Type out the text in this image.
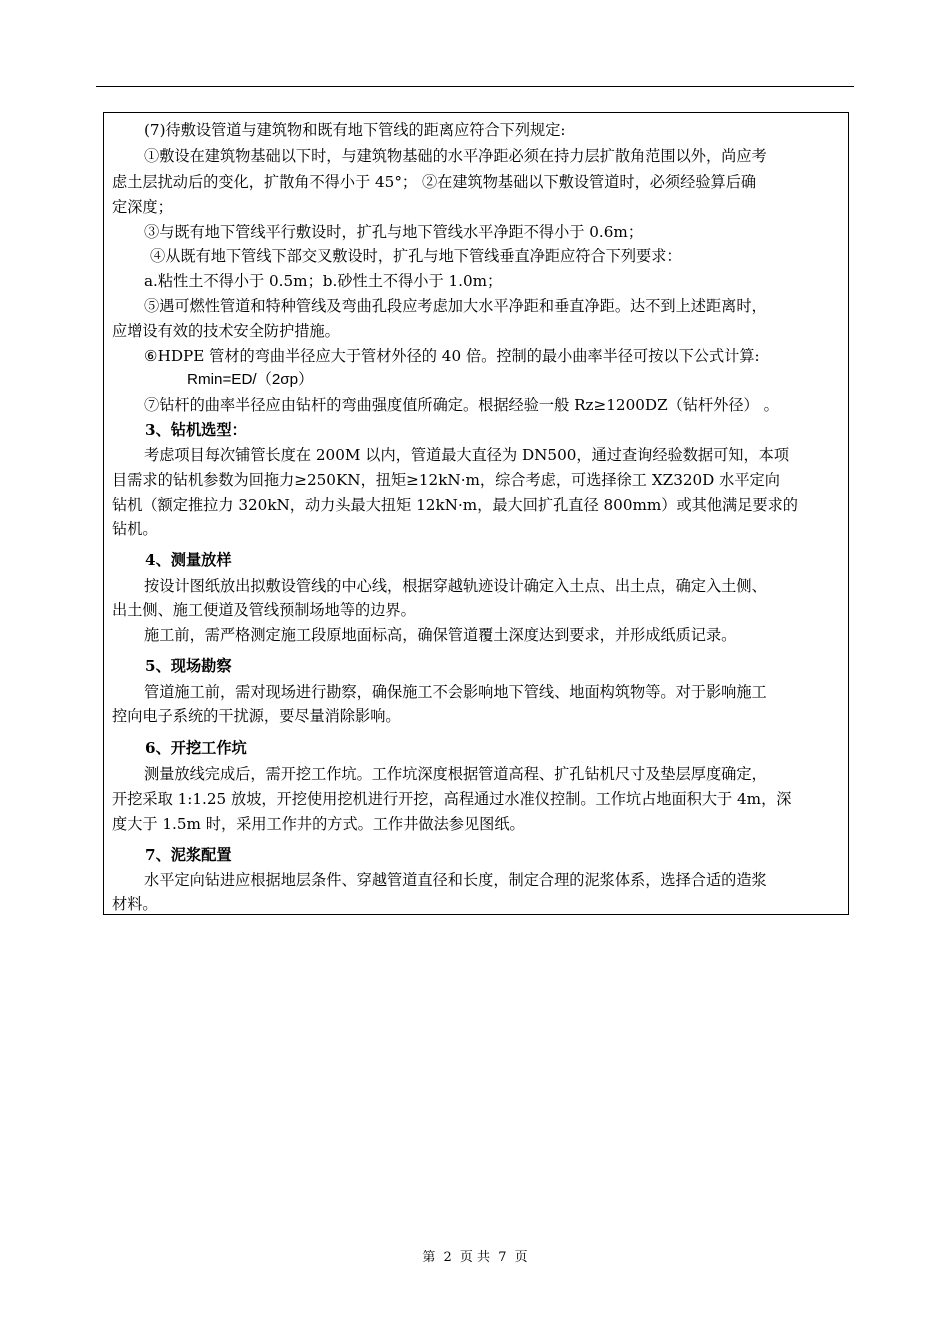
(7)待敷设管道与建筑物和既有地下管线的距离应符合下列规定:
①敷设在建筑物基础以下时，与建筑物基础的水平净距必须在持力层扩散角范围以外，尚应考
虑土层扰动后的变化，扩散角不得小于 45°； ②在建筑物基础以下敷设管道时，必须经验算后确
定深度；
③与既有地下管线平行敷设时，扩孔与地下管线水平净距不得小于 0.6m；
④从既有地下管线下部交叉敷设时，扩孔与地下管线垂直净距应符合下列要求：
a.粘性土不得小于 0.5m；b.砂性土不得小于 1.0m；
⑤遇可燃性管道和特种管线及弯曲孔段应考虑加大水平净距和垂直净距。达不到上述距离时，
应增设有效的技术安全防护措施。
⑥HDPE 管材的弯曲半径应大于管材外径的 40 倍。控制的最小曲率半径可按以下公式计算:
Rmin=ED/（2σp）
⑦钻杆的曲率半径应由钻杆的弯曲强度值所确定。根据经验一般 Rz≥1200DZ（钻杆外径） 。
3、钻机选型：
考虑项目每次铺管长度在 200M 以内，管道最大直径为 DN500，通过查询经验数据可知，本项
目需求的钻机参数为回拖力≥250KN，扭矩≥12kN·m，综合考虑，可选择徐工 XZ320D 水平定向
钻机（额定推拉力 320kN，动力头最大扭矩 12kN·m，最大回扩孔直径 800mm）或其他满足要求的
钻机。
4、测量放样
按设计图纸放出拟敷设管线的中心线，根据穿越轨迹设计确定入土点、出土点，确定入土侧、
出土侧、施工便道及管线预制场地等的边界。
施工前，需严格测定施工段原地面标高，确保管道覆土深度达到要求，并形成纸质记录。
5、现场勘察
管道施工前，需对现场进行勘察，确保施工不会影响地下管线、地面构筑物等。对于影响施工
控向电子系统的干扰源，要尽量消除影响。
6、开挖工作坑
测量放线完成后，需开挖工作坑。工作坑深度根据管道高程、扩孔钻机尺寸及垫层厚度确定，
开挖采取 1:1.25 放坡，开挖使用挖机进行开挖，高程通过水准仪控制。工作坑占地面积大于 4m，深
度大于 1.5m 时，采用工作井的方式。工作井做法参见图纸。
7、泥浆配置
水平定向钻进应根据地层条件、穿越管道直径和长度，制定合理的泥浆体系，选择合适的造浆
材料。
第 2 页 共 7 页
